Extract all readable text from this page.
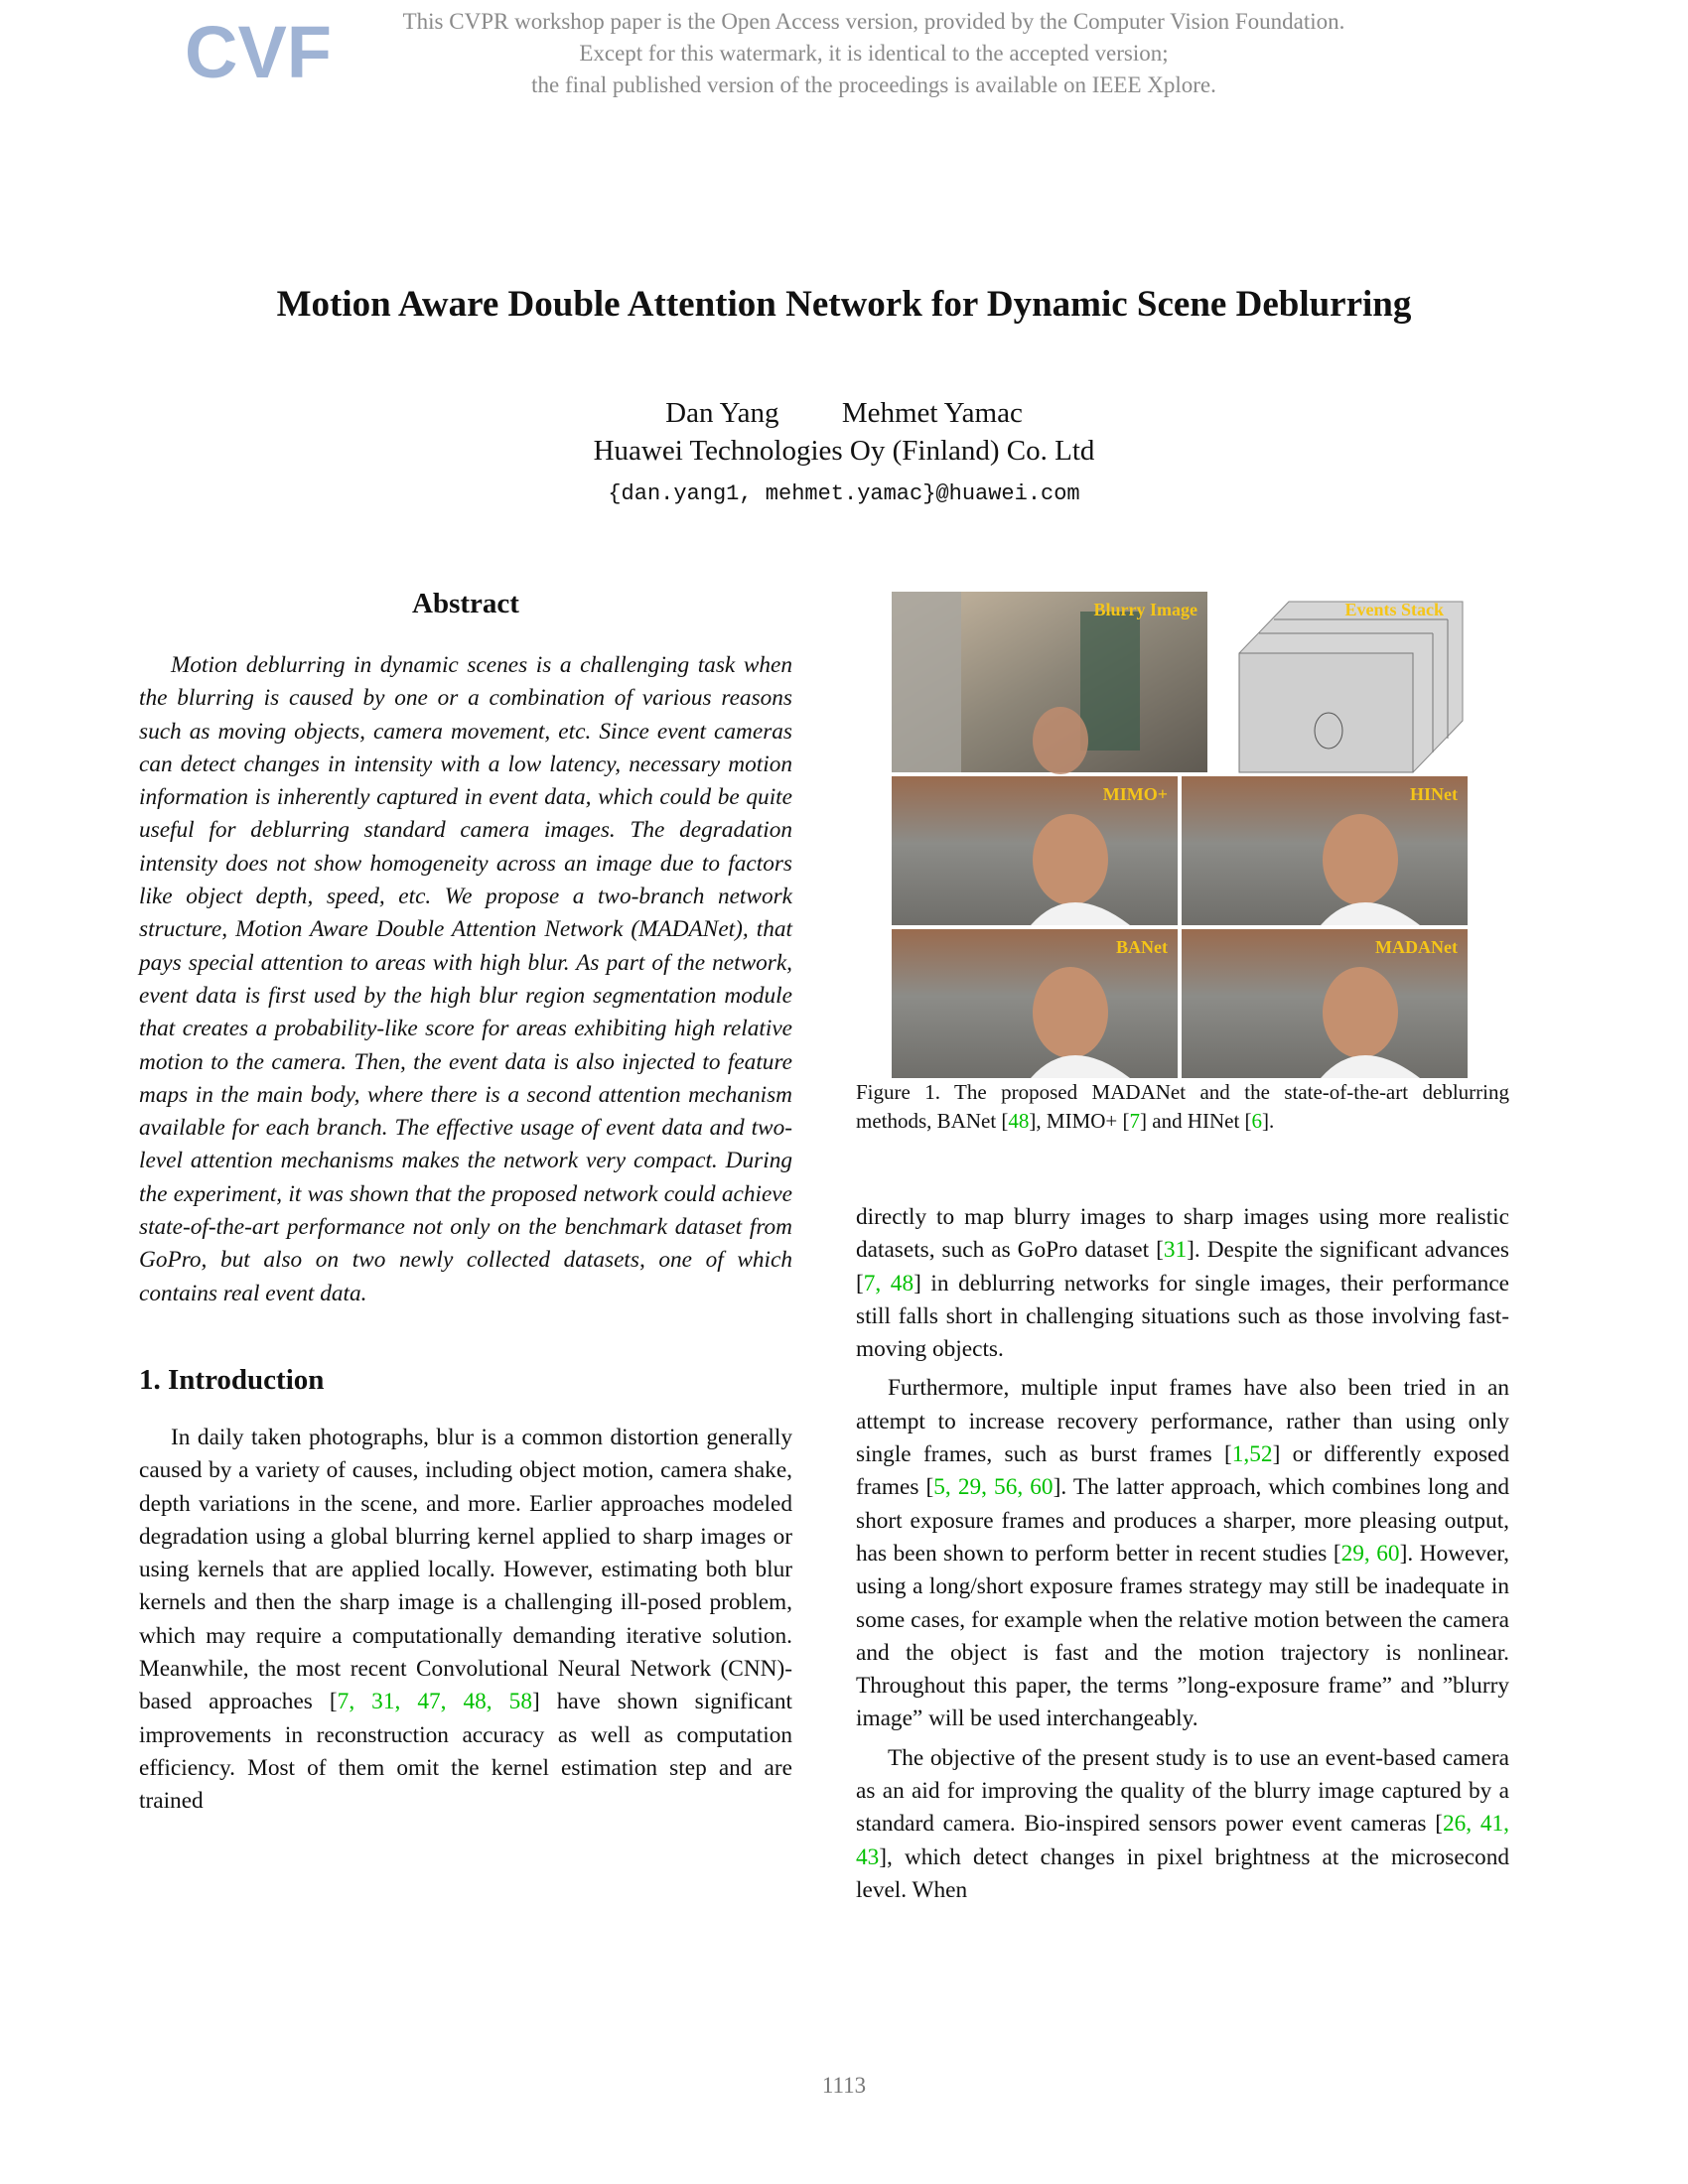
CVF	This CVPR workshop paper is the Open Access version, provided by the Computer Vision Foundation.
Except for this watermark, it is identical to the accepted version;
the final published version of the proceedings is available on IEEE Xplore.
Motion Aware Double Attention Network for Dynamic Scene Deblurring
Dan Yang Mehmet Yamac
Huawei Technologies Oy (Finland) Co. Ltd
{dan.yang1, mehmet.yamac}@huawei.com
Abstract

Motion deblurring in dynamic scenes is a challenging task when the blurring is caused by one or a combination of various reasons such as moving objects, camera movement, etc. Since event cameras can detect changes in intensity with a low latency, necessary motion information is inherently captured in event data, which could be quite useful for deblurring standard camera images. The degradation intensity does not show homogeneity across an image due to factors like object depth, speed, etc. We propose a two-branch network structure, Motion Aware Double Attention Network (MADANet), that pays special attention to areas with high blur. As part of the network, event data is first used by the high blur region segmentation module that creates a probability-like score for areas exhibiting high relative motion to the camera. Then, the event data is also injected to feature maps in the main body, where there is a second attention mechanism available for each branch. The effective usage of event data and two-level attention mechanisms makes the network very compact. During the experiment, it was shown that the proposed network could achieve state-of-the-art performance not only on the benchmark dataset from GoPro, but also on two newly collected datasets, one of which contains real event data.

1. Introduction

In daily taken photographs, blur is a common distortion generally caused by a variety of causes, including object motion, camera shake, depth variations in the scene, and more. Earlier approaches modeled degradation using a global blurring kernel applied to sharp images or using kernels that are applied locally. However, estimating both blur kernels and then the sharp image is a challenging ill-posed problem, which may require a computationally demanding iterative solution. Meanwhile, the most recent Convolutional Neural Network (CNN)-based approaches [7, 31, 47, 48, 58] have shown significant improvements in reconstruction accuracy as well as computation efficiency. Most of them omit the kernel estimation step and are trained

Blurry Image	Events Stack
MIMO+	HINet
BANet	MADANet
Figure 1. The proposed MADANet and the state-of-the-art deblurring methods, BANet [48], MIMO+ [7] and HINet [6].

directly to map blurry images to sharp images using more realistic datasets, such as GoPro dataset [31]. Despite the significant advances [7, 48] in deblurring networks for single images, their performance still falls short in challenging situations such as those involving fast-moving objects.

Furthermore, multiple input frames have also been tried in an attempt to increase recovery performance, rather than using only single frames, such as burst frames [1,52] or differently exposed frames [5, 29, 56, 60]. The latter approach, which combines long and short exposure frames and produces a sharper, more pleasing output, has been shown to perform better in recent studies [29, 60]. However, using a long/short exposure frames strategy may still be inadequate in some cases, for example when the relative motion between the camera and the object is fast and the motion trajectory is nonlinear. Throughout this paper, the terms ”long-exposure frame” and ”blurry image” will be used interchangeably.

The objective of the present study is to use an event-based camera as an aid for improving the quality of the blurry image captured by a standard camera. Bio-inspired sensors power event cameras [26, 41, 43], which detect changes in pixel brightness at the microsecond level. When

1113
